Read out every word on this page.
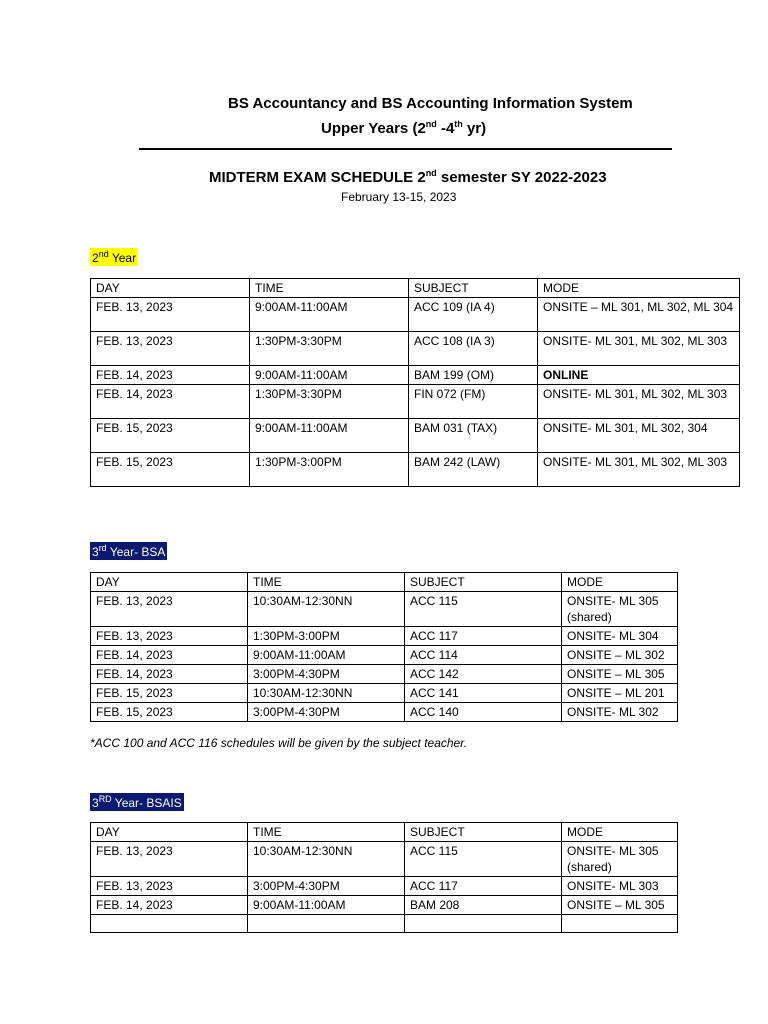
BS Accountancy and BS Accounting Information System
Upper Years (2nd -4th yr)
MIDTERM EXAM SCHEDULE 2nd semester SY 2022-2023
February 13-15, 2023
2nd Year
DAY	TIME	SUBJECT	MODE
FEB. 13, 2023	9:00AM-11:00AM	ACC 109 (IA 4)	ONSITE – ML 301, ML 302, ML 304
FEB. 13, 2023	1:30PM-3:30PM	ACC 108 (IA 3)	ONSITE- ML 301, ML 302, ML 303
FEB. 14, 2023	9:00AM-11:00AM	BAM 199 (OM)	ONLINE
FEB. 14, 2023	1:30PM-3:30PM	FIN 072 (FM)	ONSITE- ML 301, ML 302, ML 303
FEB. 15, 2023	9:00AM-11:00AM	BAM 031 (TAX)	ONSITE- ML 301, ML 302, 304
FEB. 15, 2023	1:30PM-3:00PM	BAM 242 (LAW)	ONSITE- ML 301, ML 302, ML 303
3rd Year- BSA
DAY	TIME	SUBJECT	MODE
FEB. 13, 2023	10:30AM-12:30NN	ACC 115	ONSITE- ML 305
(shared)

FEB. 13, 2023	1:30PM-3:00PM	ACC 117	ONSITE- ML 304
FEB. 14, 2023	9:00AM-11:00AM	ACC 114	ONSITE – ML 302
FEB. 14, 2023	3:00PM-4:30PM	ACC 142	ONSITE – ML 305
FEB. 15, 2023	10:30AM-12:30NN	ACC 141	ONSITE – ML 201
FEB. 15, 2023	3:00PM-4:30PM	ACC 140	ONSITE- ML 302
*ACC 100 and ACC 116 schedules will be given by the subject teacher.
3RD Year- BSAIS
DAY	TIME	SUBJECT	MODE
FEB. 13, 2023	10:30AM-12:30NN	ACC 115	ONSITE- ML 305
(shared)

FEB. 13, 2023	3:00PM-4:30PM	ACC 117	ONSITE- ML 303
FEB. 14, 2023	9:00AM-11:00AM	BAM 208	ONSITE – ML 305
